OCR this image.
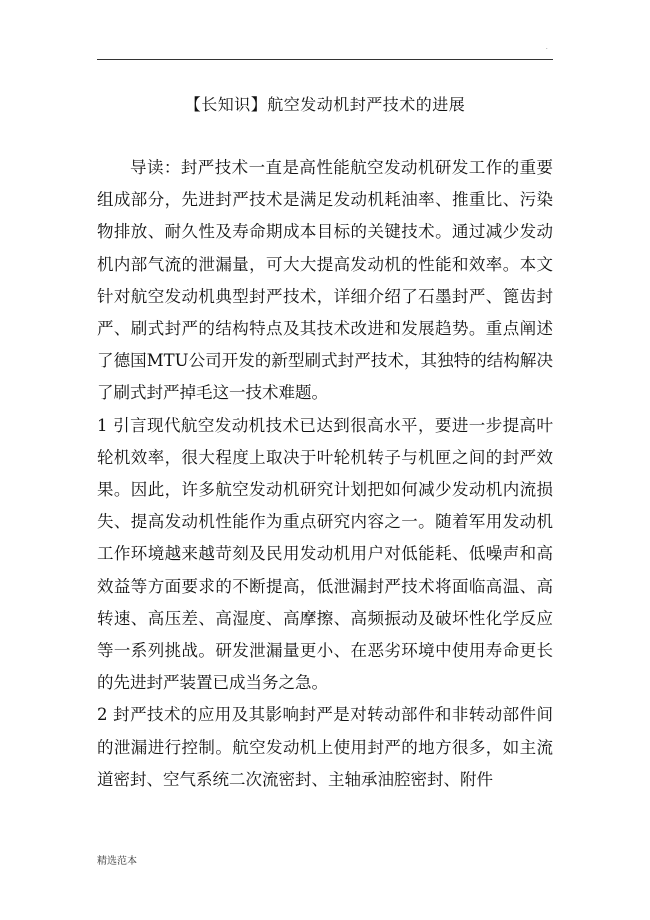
.
【长知识】航空发动机封严技术的进展

导读：封严技术一直是高性能航空发动机研发工作的重要组成部分，先进封严技术是满足发动机耗油率、推重比、污染物排放、耐久性及寿命期成本目标的关键技术。通过减少发动机内部气流的泄漏量，可大大提高发动机的性能和效率。本文针对航空发动机典型封严技术，详细介绍了石墨封严、篦齿封严、刷式封严的结构特点及其技术改进和发展趋势。重点阐述了德国MTU公司开发的新型刷式封严技术，其独特的结构解决了刷式封严掉毛这一技术难题。

1 引言现代航空发动机技术已达到很高水平，要进一步提高叶轮机效率，很大程度上取决于叶轮机转子与机匣之间的封严效果。因此，许多航空发动机研究计划把如何减少发动机内流损失、提高发动机性能作为重点研究内容之一。随着军用发动机工作环境越来越苛刻及民用发动机用户对低能耗、低噪声和高效益等方面要求的不断提高，低泄漏封严技术将面临高温、高转速、高压差、高湿度、高摩擦、高频振动及破坏性化学反应等一系列挑战。研发泄漏量更小、在恶劣环境中使用寿命更长的先进封严装置已成当务之急。

2 封严技术的应用及其影响封严是对转动部件和非转动部件间的泄漏进行控制。航空发动机上使用封严的地方很多，如主流道密封、空气系统二次流密封、主轴承油腔密封、附件

精选范本
